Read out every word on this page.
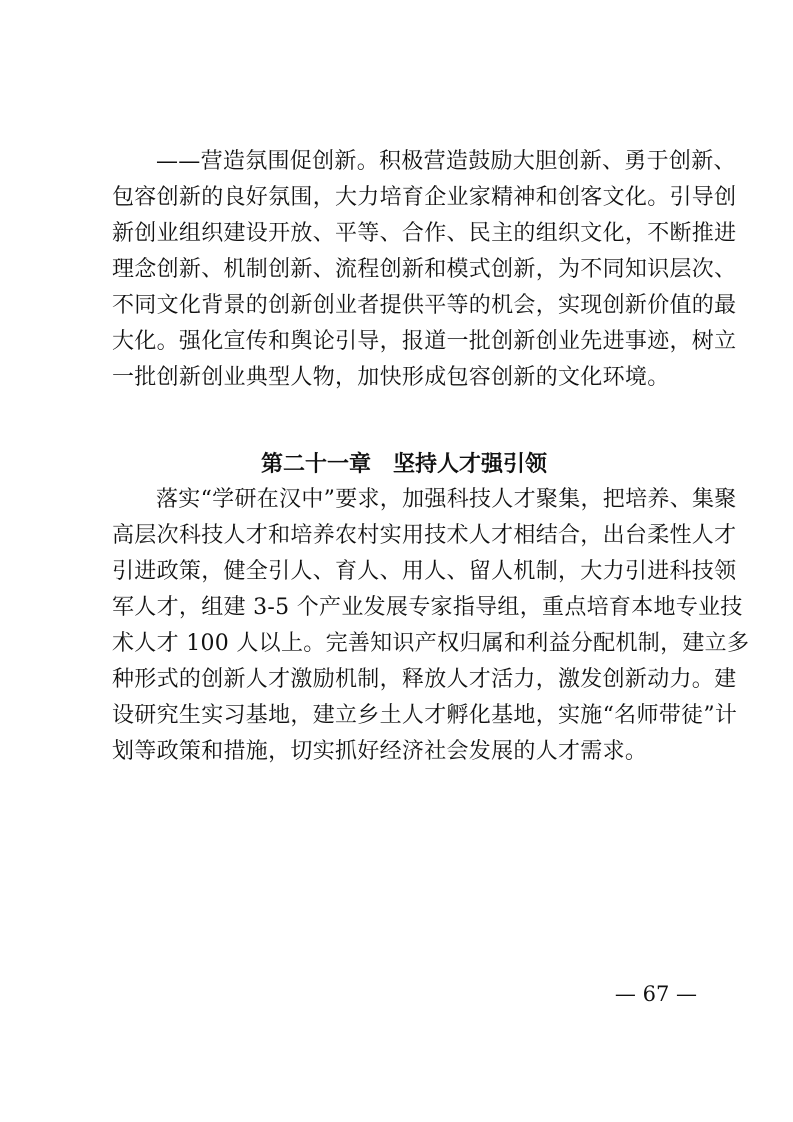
——营造氛围促创新。积极营造鼓励大胆创新、勇于创新、
包容创新的良好氛围，大力培育企业家精神和创客文化。引导创
新创业组织建设开放、平等、合作、民主的组织文化，不断推进
理念创新、机制创新、流程创新和模式创新，为不同知识层次、
不同文化背景的创新创业者提供平等的机会，实现创新价值的最
大化。强化宣传和舆论引导，报道一批创新创业先进事迹，树立
一批创新创业典型人物，加快形成包容创新的文化环境。
第二十一章　坚持人才强引领
落实“学研在汉中”要求，加强科技人才聚集，把培养、集聚
高层次科技人才和培养农村实用技术人才相结合，出台柔性人才
引进政策，健全引人、育人、用人、留人机制，大力引进科技领
军人才，组建 3-5 个产业发展专家指导组，重点培育本地专业技
术人才 100 人以上。完善知识产权归属和利益分配机制，建立多
种形式的创新人才激励机制，释放人才活力，激发创新动力。建
设研究生实习基地，建立乡土人才孵化基地，实施“名师带徒”计
划等政策和措施，切实抓好经济社会发展的人才需求。
— 67 —
